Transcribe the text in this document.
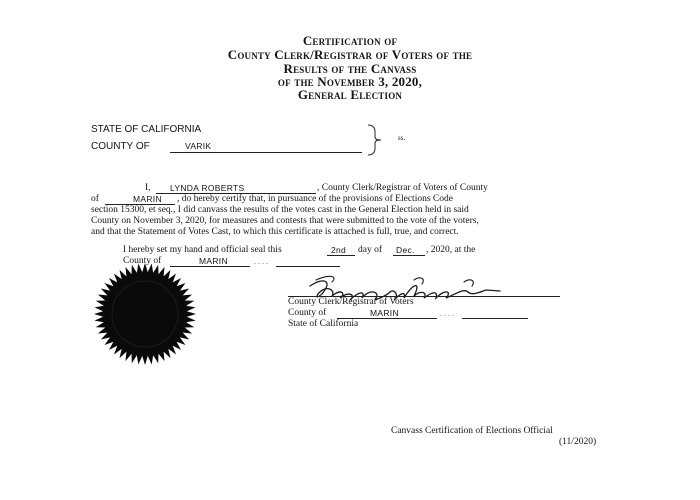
Certification of
County Clerk/Registrar of Voters of the
Results of the Canvass
of the November 3, 2020,
General Election
STATE OF CALIFORNIA
COUNTY OF	VARIK
ss.
I, LYNDA ROBERTS	, County Clerk/Registrar of Voters of County
of	MARIN , do hereby certify that, in pursuance of the provisions of Elections Code
section 15300, et seq., I did canvass the results of the votes cast in the General Election held in said
County on November 3, 2020, for measures and contests that were submitted to the vote of the voters,
and that the Statement of Votes Cast, to which this certificate is attached is full, true, and correct.
I hereby set my hand and official seal this	2nd day of Dec. , 2020, at the
County of	MARIN	. . . .
County Clerk/Registrar of Voters
County of	MARIN	. . . .
State of California
Canvass Certification of Elections Official
(11/2020)
